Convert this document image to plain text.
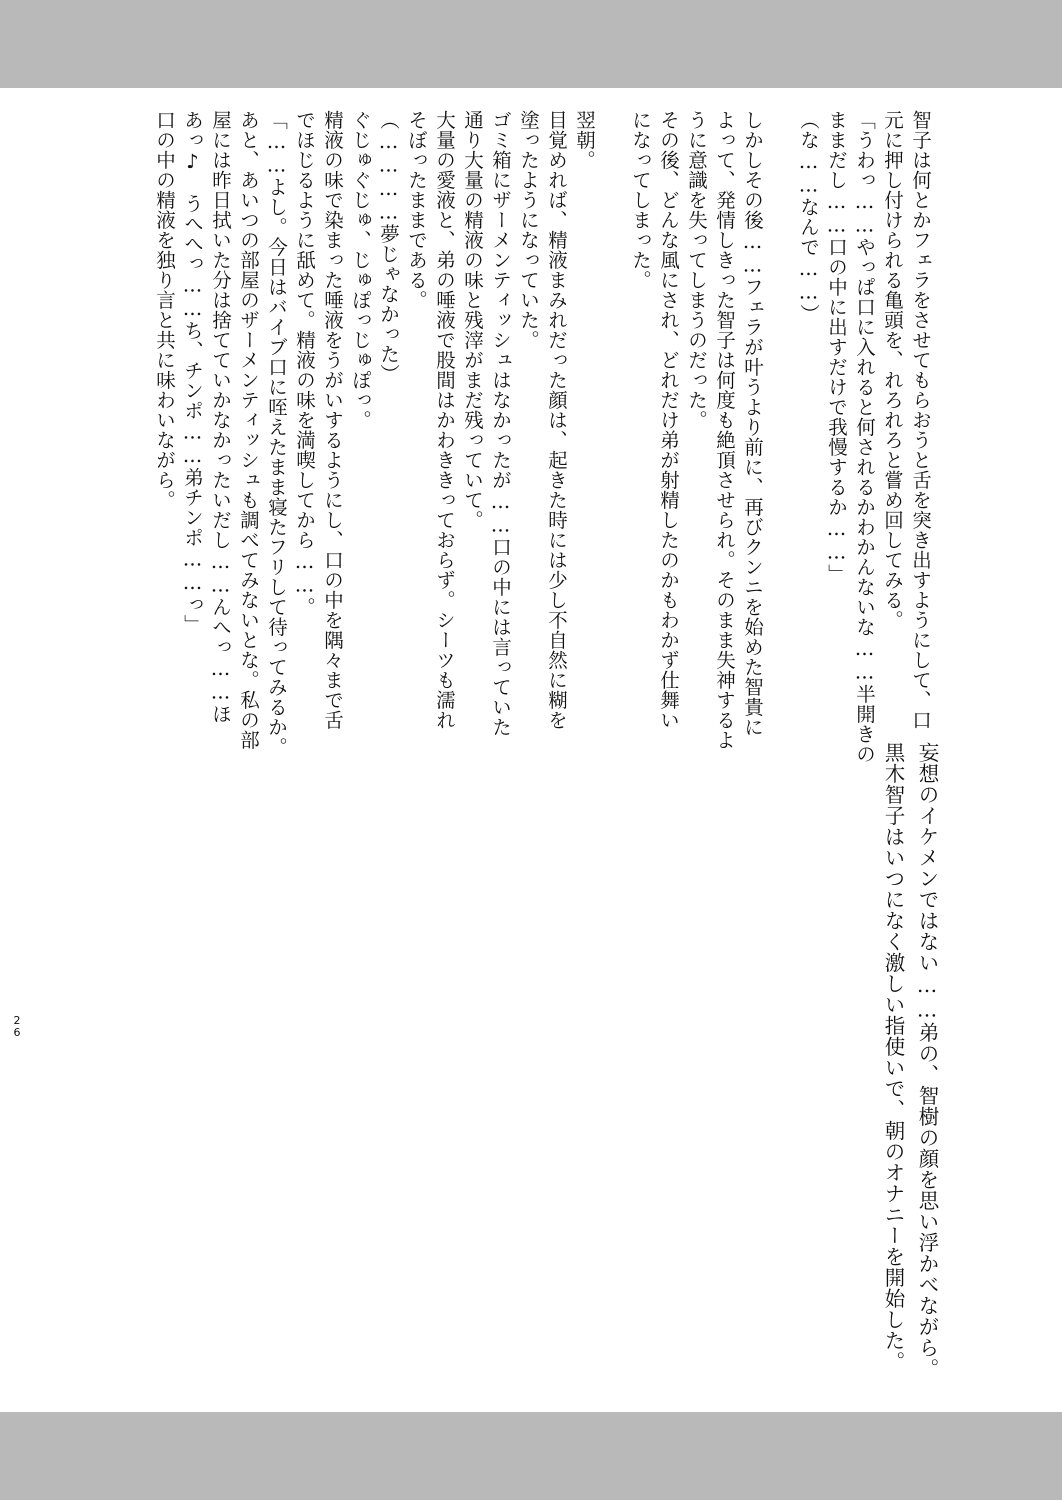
智子は何とかフェラをさせてもらおうと舌を突き出すようにして、口

元に押し付けられる亀頭を、れろれろと嘗め回してみる。

「うわっ……やっぱ口に入れると何されるかわかんないな……半開きの

ままだし……口の中に出すだけで我慢するか……」

（な……なんで……）

しかしその後……フェラが叶うより前に、再びクンニを始めた智貴に

よって、発情しきった智子は何度も絶頂させられ。そのまま失神するよ

うに意識を失ってしまうのだった。

その後、どんな風にされ、どれだけ弟が射精したのかもわかず仕舞い

になってしまった。

翌朝。

目覚めれば、精液まみれだった顔は、起きた時には少し不自然に糊を

塗ったようになっていた。

ゴミ箱にザーメンティッシュはなかったが……口の中には言っていた

通り大量の精液の味と残滓がまだ残っていて。

大量の愛液と、弟の唾液で股間はかわききっておらず。シーツも濡れ

そぼったままである。

（…………夢じゃなかった）

ぐじゅぐじゅ、じゅぽっじゅぽっ。

精液の味で染まった唾液をうがいするようにし、口の中を隅々まで舌

でほじるように舐めて。精液の味を満喫してから……。

「……よし。今日はバイブ口に咥えたまま寝たフリして待ってみるか。

あと、あいつの部屋のザーメンティッシュも調べてみないとな。私の部

屋には昨日拭いた分は捨てていかなかったいだし……んへっ……ほ

あっ♪　うへへっ……ち、チンポ……弟チンポ……っ」

口の中の精液を独り言と共に味わいながら。

妄想のイケメンではない……弟の、智樹の顔を思い浮かべながら。

黒木智子はいつになく激しい指使いで、朝のオナニーを開始した。

26
